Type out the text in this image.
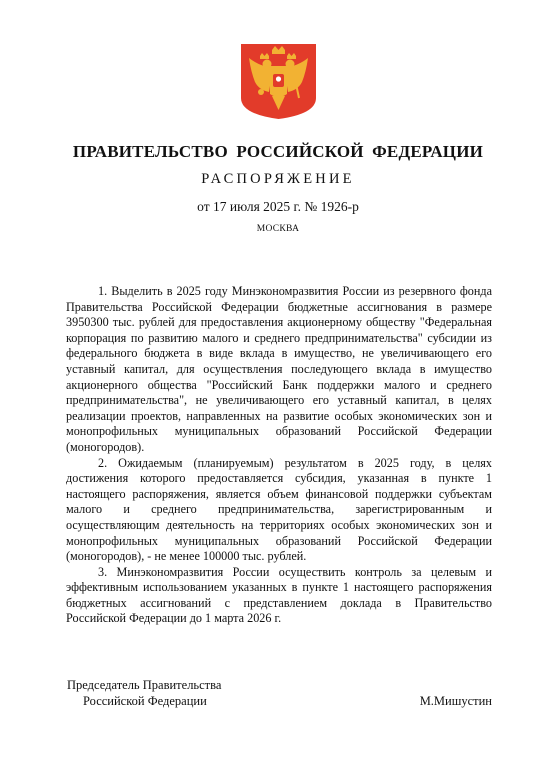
ПРАВИТЕЛЬСТВО РОССИЙСКОЙ ФЕДЕРАЦИИ
РАСПОРЯЖЕНИЕ
от 17 июля 2025 г. № 1926-р
МОСКВА

1. Выделить в 2025 году Минэкономразвития России из резервного фонда Правительства Российской Федерации бюджетные ассигнования в размере 3950300 тыс. рублей для предоставления акционерному обществу "Федеральная корпорация по развитию малого и среднего предпринимательства" субсидии из федерального бюджета в виде вклада в имущество, не увеличивающего его уставный капитал, для осуществления последующего вклада в имущество акционерного общества "Российский Банк поддержки малого и среднего предпринимательства", не увеличивающего его уставный капитал, в целях реализации проектов, направленных на развитие особых экономических зон и монопрофильных муниципальных образований Российской Федерации (моногородов).

2. Ожидаемым (планируемым) результатом в 2025 году, в целях достижения которого предоставляется субсидия, указанная в пункте 1 настоящего распоряжения, является объем финансовой поддержки субъектам малого и среднего предпринимательства, зарегистрированным и осуществляющим деятельность на территориях особых экономических зон и монопрофильных муниципальных образований Российской Федерации (моногородов), - не менее 100000 тыс. рублей.

3. Минэкономразвития России осуществить контроль за целевым и эффективным использованием указанных в пункте 1 настоящего распоряжения бюджетных ассигнований с представлением доклада в Правительство Российской Федерации до 1 марта 2026 г.

Председатель Правительства
Российской Федерации	М.Мишустин
